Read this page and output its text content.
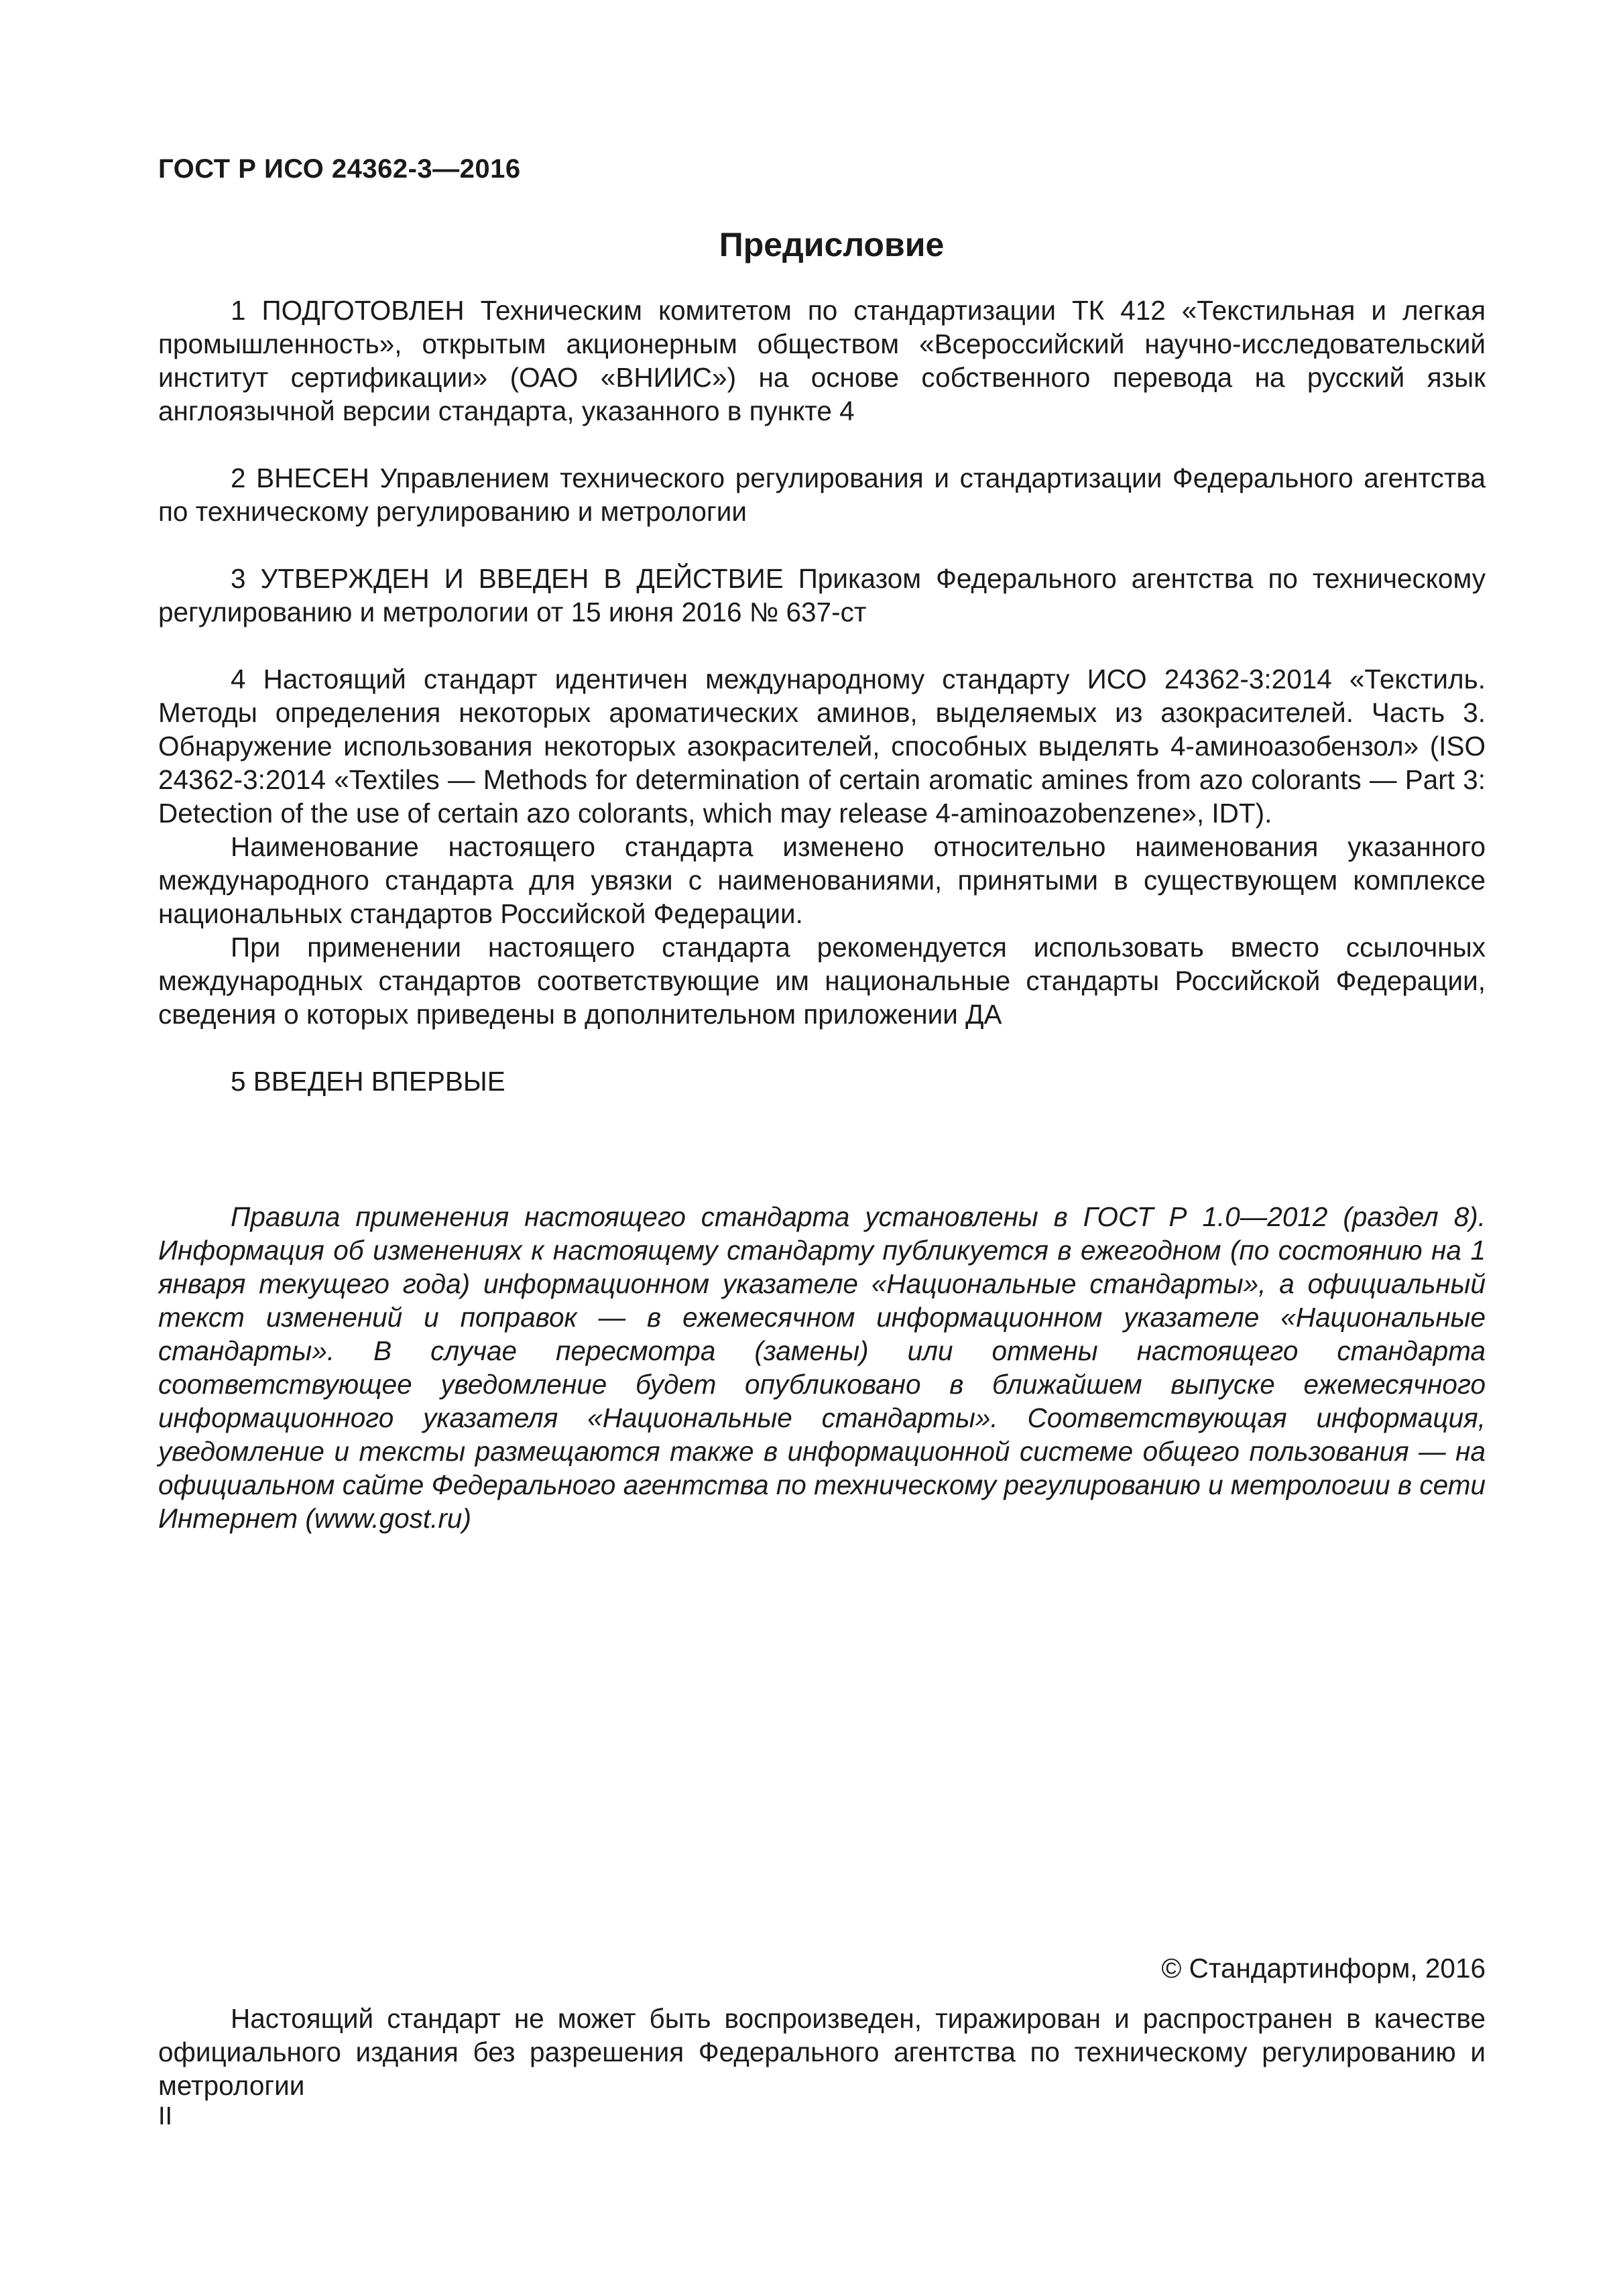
ГОСТ Р ИСО 24362-3—2016
Предисловие

1 ПОДГОТОВЛЕН Техническим комитетом по стандартизации ТК 412 «Текстильная и легкая промышленность», открытым акционерным обществом «Всероссийский научно-исследовательский институт сертификации» (ОАО «ВНИИС») на основе собственного перевода на русский язык англоязычной версии стандарта, указанного в пункте 4

2 ВНЕСЕН Управлением технического регулирования и стандартизации Федерального агентства по техническому регулированию и метрологии

3 УТВЕРЖДЕН И ВВЕДЕН В ДЕЙСТВИЕ Приказом Федерального агентства по техническому регулированию и метрологии от 15 июня 2016 № 637-ст

4 Настоящий стандарт идентичен международному стандарту ИСО 24362-3:2014 «Текстиль. Методы определения некоторых ароматических аминов, выделяемых из азокрасителей. Часть 3. Обнаружение использования некоторых азокрасителей, способных выделять 4-аминоазобензол» (ISO 24362-3:2014 «Textiles — Methods for determination of certain aromatic amines from azo colorants — Part 3: Detection of the use of certain azo colorants, which may release 4-aminoazobenzene», IDT).

Наименование настоящего стандарта изменено относительно наименования указанного международного стандарта для увязки с наименованиями, принятыми в существующем комплексе национальных стандартов Российской Федерации.

При применении настоящего стандарта рекомендуется использовать вместо ссылочных международных стандартов соответствующие им национальные стандарты Российской Федерации, сведения о которых приведены в дополнительном приложении ДА

5 ВВЕДЕН ВПЕРВЫЕ

Правила применения настоящего стандарта установлены в ГОСТ Р 1.0—2012 (раздел 8). Информация об изменениях к настоящему стандарту публикуется в ежегодном (по состоянию на 1 января текущего года) информационном указателе «Национальные стандарты», а официальный текст изменений и поправок — в ежемесячном информационном указателе «Национальные стандарты». В случае пересмотра (замены) или отмены настоящего стандарта соответствующее уведомление будет опубликовано в ближайшем выпуске ежемесячного информационного указателя «Национальные стандарты». Соответствующая информация, уведомление и тексты размещаются также в информационной системе общего пользования — на официальном сайте Федерального агентства по техническому регулированию и метрологии в сети Интернет (www.gost.ru)

© Стандартинформ, 2016

Настоящий стандарт не может быть воспроизведен, тиражирован и распространен в качестве официального издания без разрешения Федерального агентства по техническому регулированию и метрологии

II
